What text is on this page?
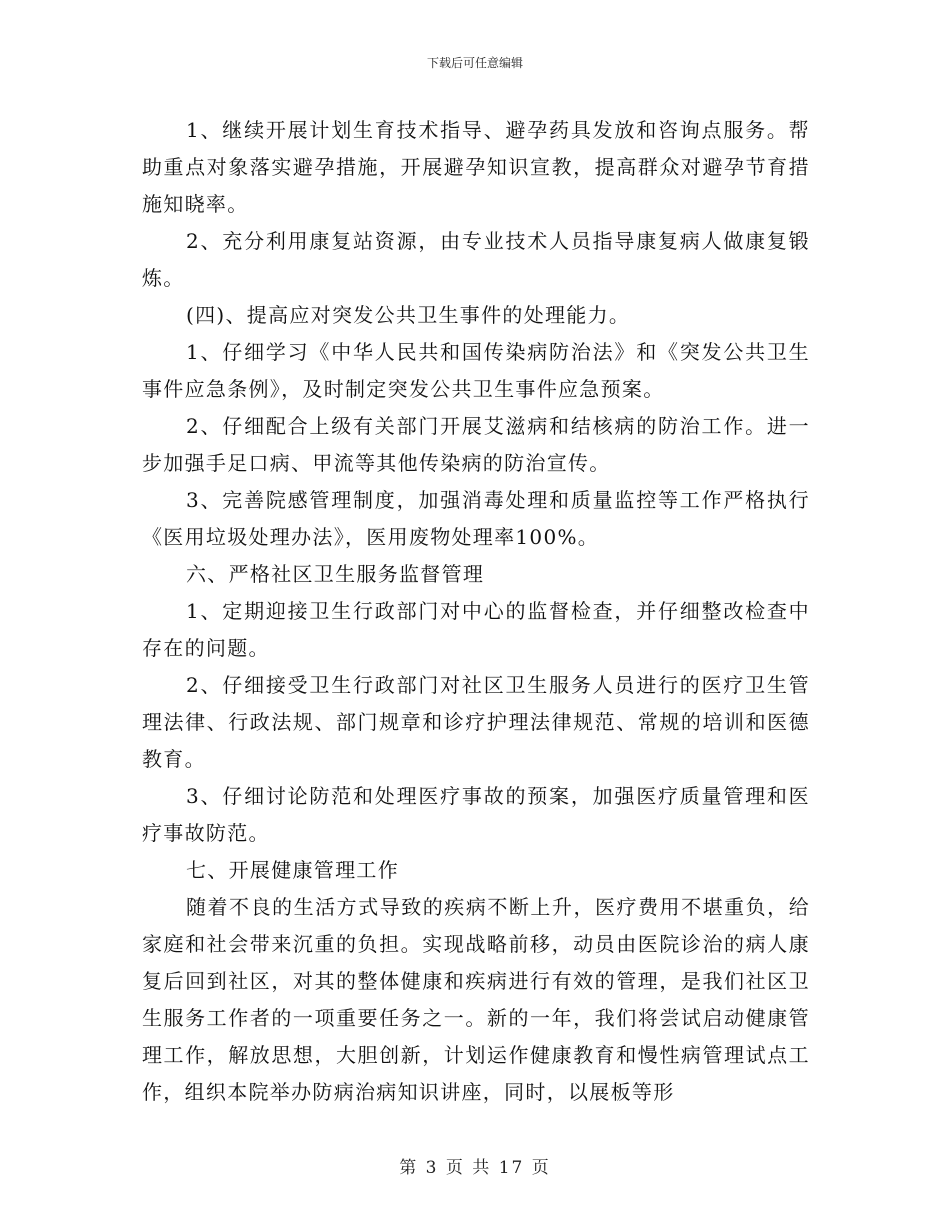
下载后可任意编辑

1、继续开展计划生育技术指导、避孕药具发放和咨询点服务。帮助重点对象落实避孕措施，开展避孕知识宣教，提高群众对避孕节育措施知晓率。

2、充分利用康复站资源，由专业技术人员指导康复病人做康复锻炼。

(四)、提高应对突发公共卫生事件的处理能力。

1、仔细学习《中华人民共和国传染病防治法》和《突发公共卫生事件应急条例》，及时制定突发公共卫生事件应急预案。

2、仔细配合上级有关部门开展艾滋病和结核病的防治工作。进一步加强手足口病、甲流等其他传染病的防治宣传。

3、完善院感管理制度，加强消毒处理和质量监控等工作严格执行《医用垃圾处理办法》，医用废物处理率100%。

六、严格社区卫生服务监督管理

1、定期迎接卫生行政部门对中心的监督检查，并仔细整改检查中存在的问题。

2、仔细接受卫生行政部门对社区卫生服务人员进行的医疗卫生管理法律、行政法规、部门规章和诊疗护理法律规范、常规的培训和医德教育。

3、仔细讨论防范和处理医疗事故的预案，加强医疗质量管理和医疗事故防范。

七、开展健康管理工作

随着不良的生活方式导致的疾病不断上升，医疗费用不堪重负，给家庭和社会带来沉重的负担。实现战略前移，动员由医院诊治的病人康复后回到社区，对其的整体健康和疾病进行有效的管理，是我们社区卫生服务工作者的一项重要任务之一。新的一年，我们将尝试启动健康管理工作，解放思想，大胆创新，计划运作健康教育和慢性病管理试点工作，组织本院举办防病治病知识讲座，同时，以展板等形

第 3 页 共 17 页
